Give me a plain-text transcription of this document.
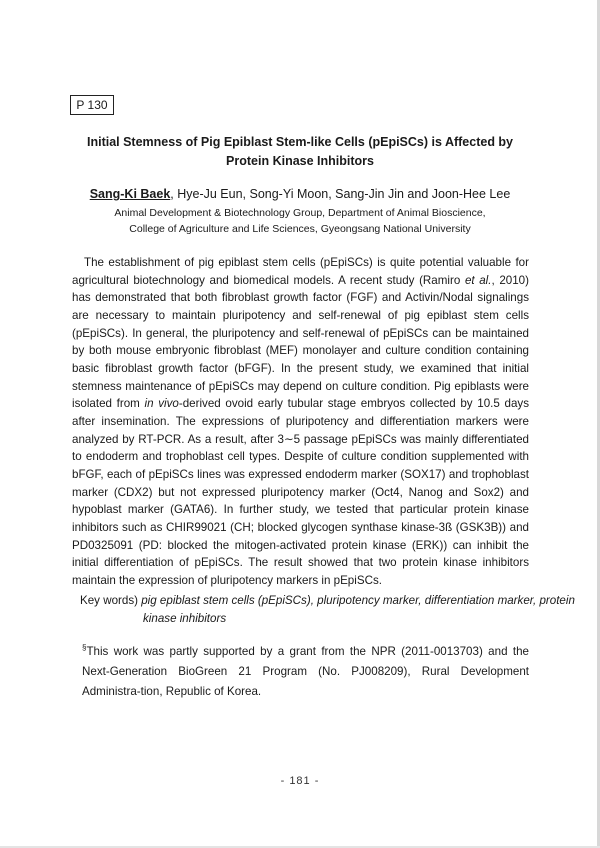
P 130
Initial Stemness of Pig Epiblast Stem-like Cells (pEpiSCs) is Affected by
Protein Kinase Inhibitors
Sang-Ki Baek, Hye-Ju Eun, Song-Yi Moon, Sang-Jin Jin and Joon-Hee Lee
Animal Development & Biotechnology Group, Department of Animal Bioscience,
College of Agriculture and Life Sciences, Gyeongsang National University
The establishment of pig epiblast stem cells (pEpiSCs) is quite potential valuable for agricultural biotechnology and biomedical models. A recent study (Ramiro et al., 2010) has demonstrated that both fibroblast growth factor (FGF) and Activin/Nodal signalings are necessary to maintain pluripotency and self-renewal of pig epiblast stem cells (pEpiSCs). In general, the pluripotency and self-renewal of pEpiSCs can be maintained by both mouse embryonic fibroblast (MEF) monolayer and culture condition containing basic fibroblast growth factor (bFGF). In the present study, we examined that initial stemness maintenance of pEpiSCs may depend on culture condition. Pig epiblasts were isolated from in vivo-derived ovoid early tubular stage embryos collected by 10.5 days after insemination. The expressions of pluripotency and differentiation markers were analyzed by RT-PCR. As a result, after 3∼5 passage pEpiSCs was mainly differentiated to endoderm and trophoblast cell types. Despite of culture condition supplemented with bFGF, each of pEpiSCs lines was expressed endoderm marker (SOX17) and trophoblast marker (CDX2) but not expressed pluripotency marker (Oct4, Nanog and Sox2) and hypoblast marker (GATA6). In further study, we tested that particular protein kinase inhibitors such as CHIR99021 (CH; blocked glycogen synthase kinase-3ß (GSK3B)) and PD0325091 (PD: blocked the mitogen-activated protein kinase (ERK)) can inhibit the initial differentiation of pEpiSCs. The result showed that two protein kinase inhibitors maintain the expression of pluripotency markers in pEpiSCs.
Key words) pig epiblast stem cells (pEpiSCs), pluripotency marker, differentiation marker, protein kinase inhibitors
§This work was partly supported by a grant from the NPR (2011-0013703) and the Next-Generation BioGreen 21 Program (No. PJ008209), Rural Development Administra-tion, Republic of Korea.
- 181 -
